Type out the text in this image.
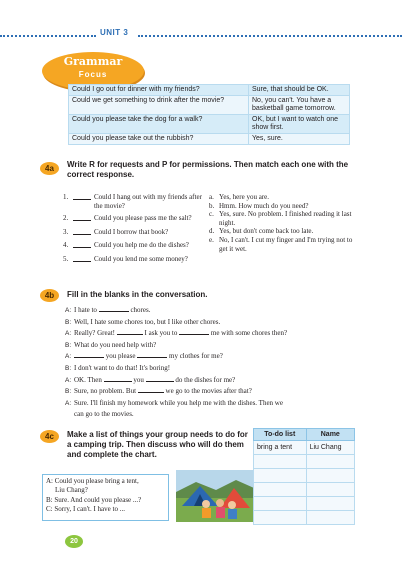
UNIT 3
Grammar
Focus
Could I go out for dinner with my friends?	Sure, that should be OK.
Could we get something to drink after the movie?	No, you can't. You have a basketball game tomorrow.
Could you please take the dog for a walk?	OK, but I want to watch one show first.
Could you please take out the rubbish?	Yes, sure.
4a	Write R for requests and P for permissions. Then match each one with the correct response.
1.	Could I hang out with my friends after the movie?
2.	Could you please pass me the salt?
3.	Could I borrow that book?
4.	Could you help me do the dishes?
5.	Could you lend me some money?
a. Yes, here you are.
b. Hmm. How much do you need?
c. Yes, sure. No problem. I finished reading it last night.
d. Yes, but don't come back too late.
e. No, I can't. I cut my finger and I'm trying not to get it wet.
4b	Fill in the blanks in the conversation.
A: I hate to	chores.
B: Well, I hate some chores too, but I like other chores.
A: Really? Great!	I ask you to	me with some chores then?
B: What do you need help with?
A:	you please	my clothes for me?
B: I don't want to do that! It's boring!
A: OK. Then	you	do the dishes for me?
B: Sure, no problem. But	we go to the movies after that?
A: Sure. I'll finish my homework while you help me with the dishes. Then we
can go to the movies.
4c	Make a list of things your group needs to do for a camping trip. Then discuss who will do them and complete the chart.
A: Could you please bring a tent,
Liu Chang?
B: Sure. And could you please ...?
C: Sorry, I can't. I have to ...
To-do list	Name
bring a tent	Liu Chang

20
